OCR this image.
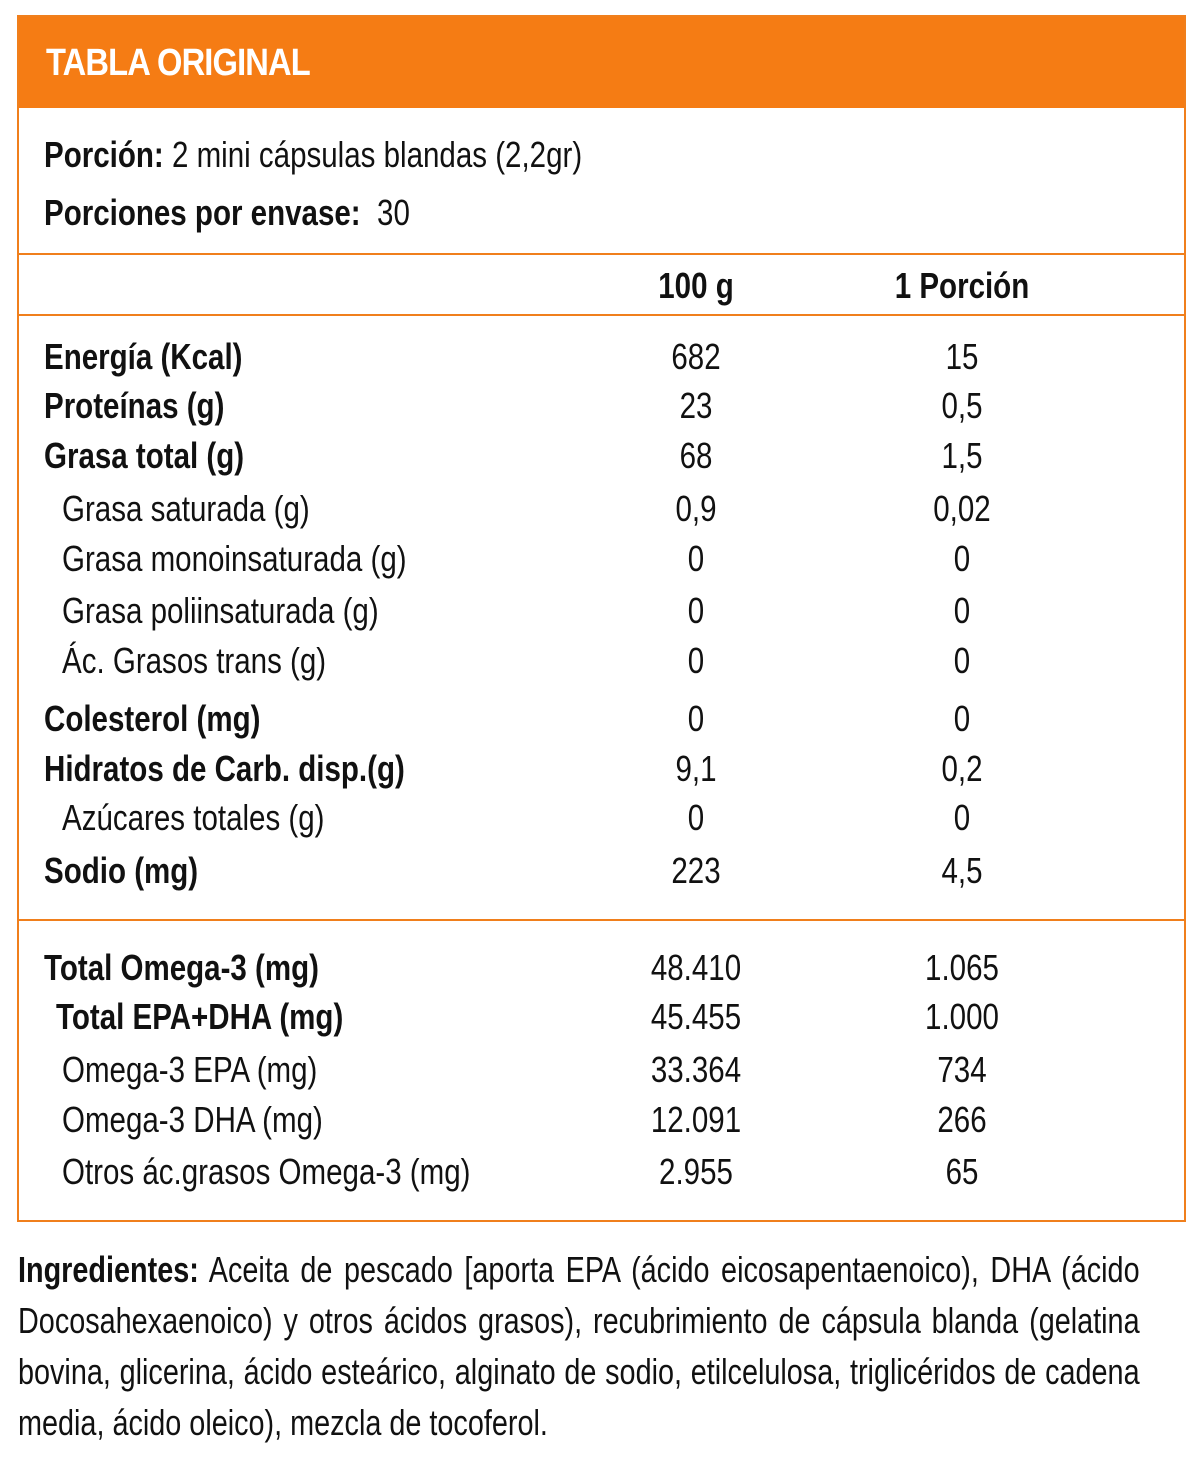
TABLA ORIGINAL
Porción: 2 mini cápsulas blandas (2,2gr)
Porciones por envase: 30
100 g	1 Porción
Energía (Kcal)	682	15
Proteínas (g)	23	0,5
Grasa total (g)	68	1,5
Grasa saturada (g)	0,9	0,02
Grasa monoinsaturada (g)	0	0
Grasa poliinsaturada (g)	0	0
Ác. Grasos trans (g)	0	0
Colesterol (mg)	0	0
Hidratos de Carb. disp.(g)	9,1	0,2
Azúcares totales (g)	0	0
Sodio (mg)	223	4,5
Total Omega-3 (mg)	48.410	1.065
Total EPA+DHA (mg)	45.455	1.000
Omega-3 EPA (mg)	33.364	734
Omega-3 DHA (mg)	12.091	266
Otros ác.grasos Omega-3 (mg)	2.955	65
Ingredientes: Aceita de pescado [aporta EPA (ácido eicosapentaenoico), DHA (ácido Docosahexaenoico) y otros ácidos grasos), recubrimiento de cápsula blanda (gelatina bovina, glicerina, ácido esteárico, alginato de sodio, etilcelulosa, triglicéridos de cadena media, ácido oleico), mezcla de tocoferol.
